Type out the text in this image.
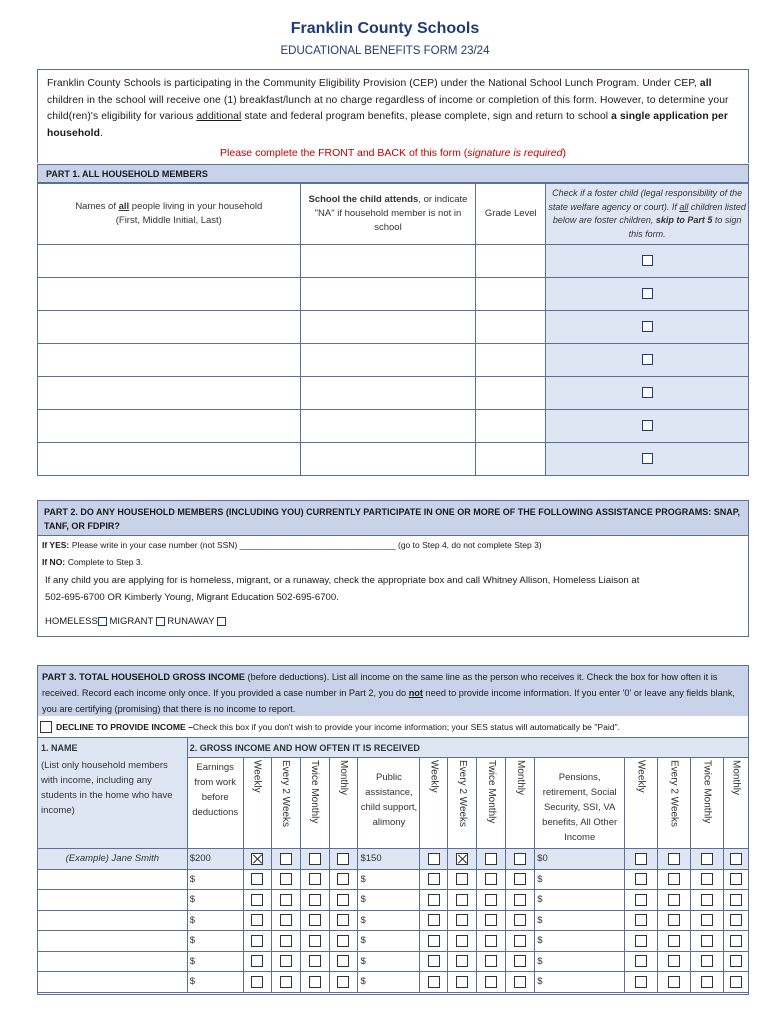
Franklin County Schools
EDUCATIONAL BENEFITS FORM 23/24
Franklin County Schools is participating in the Community Eligibility Provision (CEP) under the National School Lunch Program. Under CEP, all children in the school will receive one (1) breakfast/lunch at no charge regardless of income or completion of this form. However, to determine your child(ren)'s eligibility for various additional state and federal program benefits, please complete, sign and return to school a single application per household.
Please complete the FRONT and BACK of this form (signature is required)
PART 1. ALL HOUSEHOLD MEMBERS
Names of all people living in your household
(First, Middle Initial, Last)	School the child attends, or indicate "NA" if household member is not in school	Grade Level	Check if a foster child (legal responsibility of the state welfare agency or court). If all children listed below are foster children, skip to Part 5 to sign this form.

PART 2. DO ANY HOUSEHOLD MEMBERS (INCLUDING YOU) CURRENTLY PARTICIPATE IN ONE OR MORE OF THE FOLLOWING ASSISTANCE PROGRAMS: SNAP, TANF, OR FDPIR?
If YES: Please write in your case number (not SSN) _________________________________ (go to Step 4, do not complete Step 3)
If NO: Complete to Step 3.
If any child you are applying for is homeless, migrant, or a runaway, check the appropriate box and call Whitney Allison, Homeless Liaison at 502-695-6700 OR Kimberly Young, Migrant Education 502-695-6700.
HOMELESS MIGRANT RUNAWAY
PART 3. TOTAL HOUSEHOLD GROSS INCOME (before deductions). List all income on the same line as the person who receives it. Check the box for how often it is received. Record each income only once. If you provided a case number in Part 2, you do not need to provide income information. If you enter '0' or leave any fields blank, you are certifying (promising) that there is no income to report.
DECLINE TO PROVIDE INCOME – Check this box if you don't wish to provide your income information; your SES status will automatically be "Paid".
1. NAME	2. GROSS INCOME AND HOW OFTEN IT IS RECEIVED														
(List only household members with income, including any students in the home who have income)	Earnings from work before deductions	Weekly	Every 2 Weeks	Twice Monthly	Monthly	Public assistance, child support, alimony	Weekly	Every 2 Weeks	Twice Monthly	Monthly	Pensions, retirement, Social Security, SSI, VA benefits, All Other Income	Weekly	Every 2 Weeks	Twice Monthly	Monthly
(Example) Jane Smith	$200					$150					$0				
	$					$					$				
	$					$					$				
	$					$					$				
	$					$					$				
	$					$					$				
	$					$					$				
